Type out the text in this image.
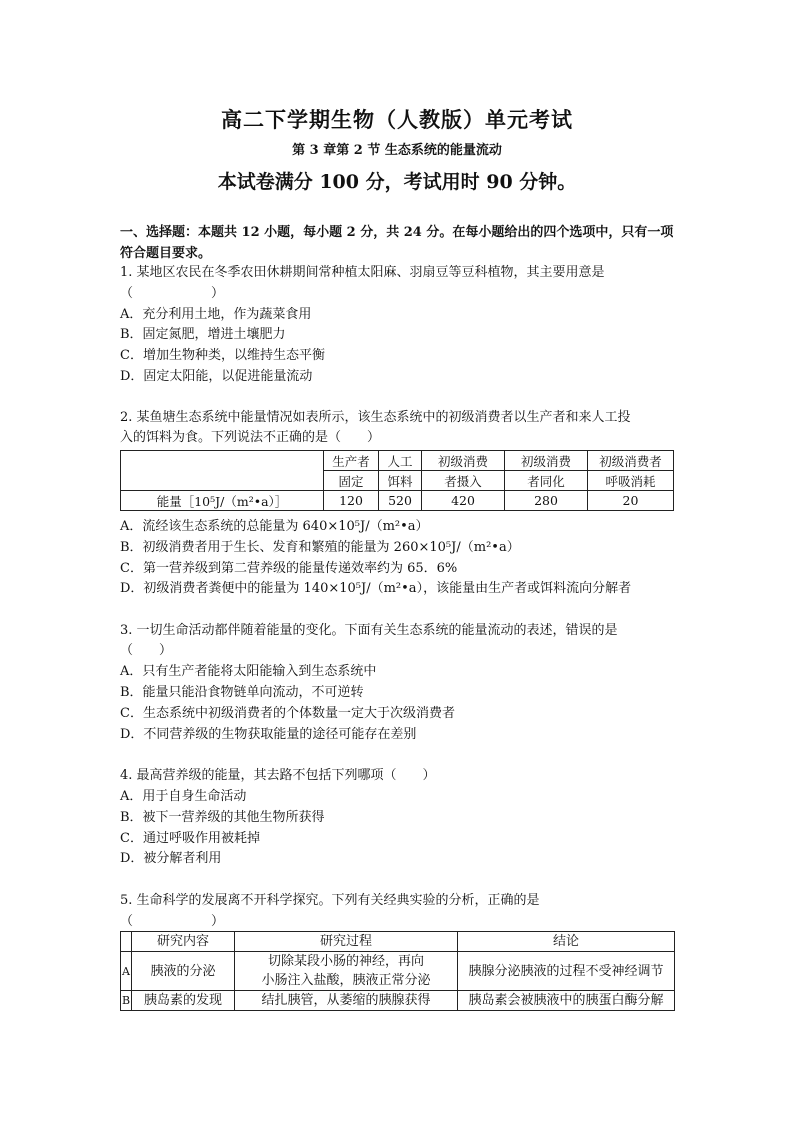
高二下学期生物（人教版）单元考试
第 3 章第 2 节 生态系统的能量流动
本试卷满分 100 分，考试用时 90 分钟。
一、选择题：本题共 12 小题，每小题 2 分，共 24 分。在每小题给出的四个选项中，只有一项符合题目要求。
1. 某地区农民在冬季农田休耕期间常种植太阳麻、羽扇豆等豆科植物，其主要用意是
（　　　　　　）
A．充分利用土地，作为蔬菜食用
B．固定氮肥，增进土壤肥力
C．增加生物种类，以维持生态平衡
D．固定太阳能，以促进能量流动
2. 某鱼塘生态系统中能量情况如表所示，该生态系统中的初级消费者以生产者和来人工投
入的饵料为食。下列说法不正确的是（　　）
	生产者	人工	初级消费	初级消费	初级消费者
	固定	饵料	者摄入	者同化	呼吸消耗
能量［10⁵J/（m²•a）］	120	520	420	280	20
A．流经该生态系统的总能量为 640×10⁵J/（m²•a）
B．初级消费者用于生长、发育和繁殖的能量为 260×10⁵J/（m²•a）
C．第一营养级到第二营养级的能量传递效率约为 65．6%
D．初级消费者粪便中的能量为 140×10⁵J/（m²•a），该能量由生产者或饵料流向分解者
3. 一切生命活动都伴随着能量的变化。下面有关生态系统的能量流动的表述，错误的是
（　　）
A．只有生产者能将太阳能输入到生态系统中
B．能量只能沿食物链单向流动，不可逆转
C．生态系统中初级消费者的个体数量一定大于次级消费者
D．不同营养级的生物获取能量的途径可能存在差别
4. 最高营养级的能量，其去路不包括下列哪项（　　）
A．用于自身生命活动
B．被下一营养级的其他生物所获得
C．通过呼吸作用被耗掉
D．被分解者利用
5. 生命科学的发展离不开科学探究。下列有关经典实验的分析，正确的是
（　　　　　　）
	研究内容	研究过程	结论
A	胰液的分泌	切除某段小肠的神经，再向
小肠注入盐酸，胰液正常分泌	胰腺分泌胰液的过程不受神经调节
B	胰岛素的发现	结扎胰管，从萎缩的胰腺获得	胰岛素会被胰液中的胰蛋白酶分解
